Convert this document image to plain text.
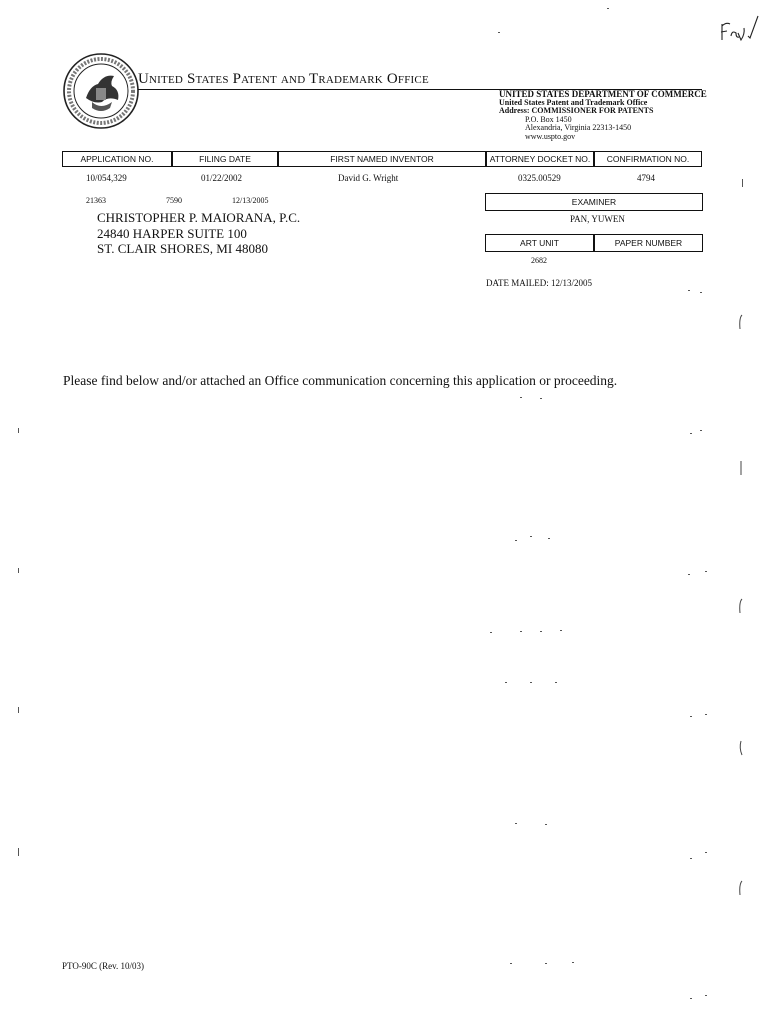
United States Patent and Trademark Office
UNITED STATES DEPARTMENT OF COMMERCE
United States Patent and Trademark Office
Address: COMMISSIONER FOR PATENTS
P.O. Box 1450
Alexandria, Virginia 22313-1450
www.uspto.gov
APPLICATION NO.	FILING DATE	FIRST NAMED INVENTOR	ATTORNEY DOCKET NO.	CONFIRMATION NO.
10/054,329	01/22/2002	David G. Wright	0325.00529	4794
21363	7590	12/13/2005
CHRISTOPHER P. MAIORANA, P.C.
24840 HARPER SUITE 100
ST. CLAIR SHORES, MI 48080
EXAMINER
PAN, YUWEN
ART UNIT	PAPER NUMBER
2682
DATE MAILED: 12/13/2005
Please find below and/or attached an Office communication concerning this application or proceeding.
PTO-90C (Rev. 10/03)
